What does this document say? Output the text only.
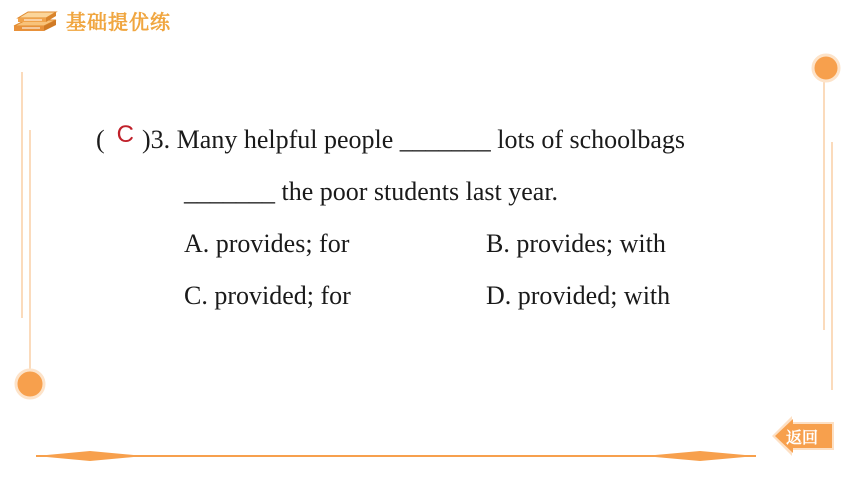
基础提优练
( C )3. Many helpful people _______ lots of schoolbags
_______ the poor students last year.
A. provides; for	B. provides; with
C. provided; for	D. provided; with
返回
